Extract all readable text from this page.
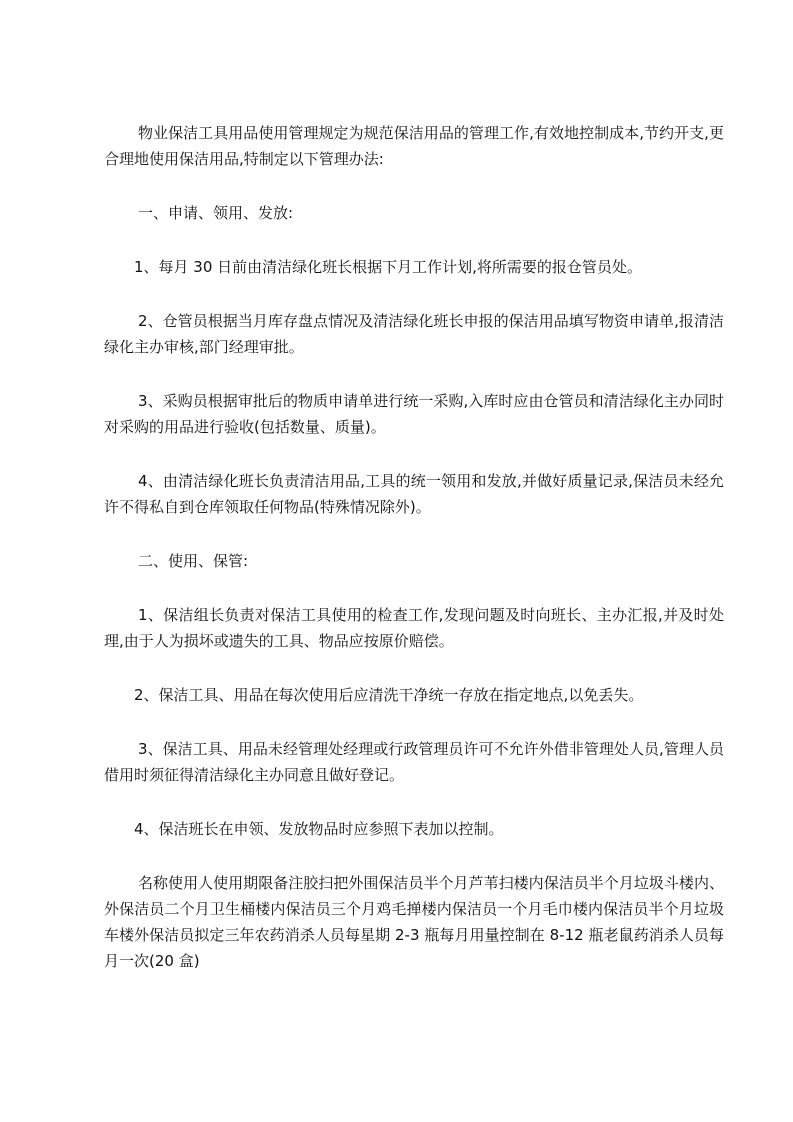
物业保洁工具用品使用管理规定为规范保洁用品的管理工作,有效地控制成本,节约开支,更合理地使用保洁用品,特制定以下管理办法:

一、申请、领用、发放:

1、每月 30 日前由清洁绿化班长根据下月工作计划,将所需要的报仓管员处。

2、仓管员根据当月库存盘点情况及清洁绿化班长申报的保洁用品填写物资申请单,报清洁绿化主办审核,部门经理审批。

3、采购员根据审批后的物质申请单进行统一采购,入库时应由仓管员和清洁绿化主办同时对采购的用品进行验收(包括数量、质量)。

4、由清洁绿化班长负责清洁用品,工具的统一领用和发放,并做好质量记录,保洁员未经允许不得私自到仓库领取任何物品(特殊情况除外)。

二、使用、保管:

1、保洁组长负责对保洁工具使用的检查工作,发现问题及时向班长、主办汇报,并及时处理,由于人为损坏或遗失的工具、物品应按原价赔偿。

2、保洁工具、用品在每次使用后应清洗干净统一存放在指定地点,以免丢失。

3、保洁工具、用品未经管理处经理或行政管理员许可不允许外借非管理处人员,管理人员借用时须征得清洁绿化主办同意且做好登记。

4、保洁班长在申领、发放物品时应参照下表加以控制。

名称使用人使用期限备注胶扫把外围保洁员半个月芦苇扫楼内保洁员半个月垃圾斗楼内、外保洁员二个月卫生桶楼内保洁员三个月鸡毛掸楼内保洁员一个月毛巾楼内保洁员半个月垃圾车楼外保洁员拟定三年农药消杀人员每星期 2-3 瓶每月用量控制在 8-12 瓶老鼠药消杀人员每月一次(20 盒)
